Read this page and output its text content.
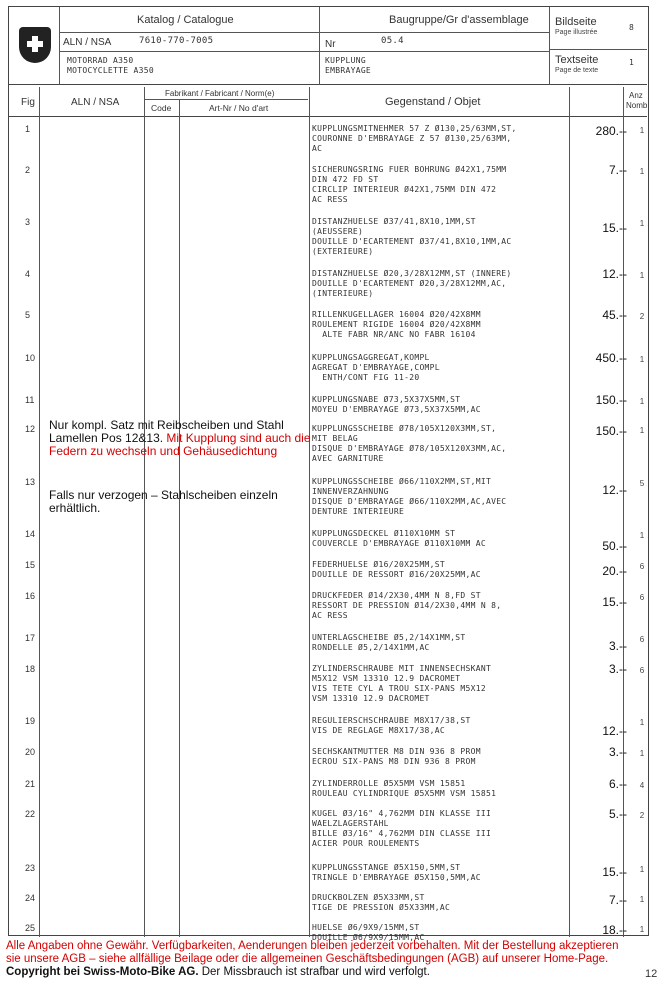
Katalog / Catalogue
ALN / NSA	7610-770-7005
MOTORRAD A350
MOTOCYCLETTE A350
Baugruppe/Gr d'assemblage
Nr	05.4
KUPPLUNG
EMBRAYAGE
Bildseite
Page illustrée
8
Textseite
Page de texte
1
Fig	ALN / NSA
Fabrikant / Fabricant / Norm(e)
Code	Art-Nr / No d'art	Gegenstand / Objet
Anz
Nomb
1	KUPPLUNGSMITNEHMER 57 Z Ø130,25/63MM,ST,
COURONNE D'EMBRAYAGE Z 57 Ø130,25/63MM,
AC
280.--	1
2	SICHERUNGSRING FUER BOHRUNG Ø42X1,75MM
DIN 472 FD ST
CIRCLIP INTERIEUR Ø42X1,75MM DIN 472
AC RESS
7.--	1
3	DISTANZHUELSE Ø37/41,8X10,1MM,ST
(AEUSSERE)
DOUILLE D'ECARTEMENT Ø37/41,8X10,1MM,AC
(EXTERIEURE)
15.--	1
4	DISTANZHUELSE Ø20,3/28X12MM,ST (INNERE)
DOUILLE D'ECARTEMENT Ø20,3/28X12MM,AC,
(INTERIEURE)
12.--	1
5	RILLENKUGELLAGER 16004 Ø20/42X8MM
ROULEMENT RIGIDE 16004 Ø20/42X8MM
ALTE FABR NR/ANC NO FABR 16104
45.--	2
10	KUPPLUNGSAGGREGAT,KOMPL
AGREGAT D'EMBRAYAGE,COMPL
ENTH/CONT FIG 11-20
450.--	1
11	KUPPLUNGSNABE Ø73,5X37X5MM,ST
MOYEU D'EMBRAYAGE Ø73,5X37X5MM,AC
150.--	1
12	KUPPLUNGSSCHEIBE Ø78/105X120X3MM,ST,
MIT BELAG
DISQUE D'EMBRAYAGE Ø78/105X120X3MM,AC,
AVEC GARNITURE
150.--	1
13	KUPPLUNGSSCHEIBE Ø66/110X2MM,ST,MIT
INNENVERZAHNUNG
DISQUE D'EMBRAYAGE Ø66/110X2MM,AC,AVEC
DENTURE INTERIEURE
12.--	5
14	KUPPLUNGSDECKEL Ø110X10MM ST
COUVERCLE D'EMBRAYAGE Ø110X10MM AC	50.--
1
15	FEDERHUELSE Ø16/20X25MM,ST
DOUILLE DE RESSORT Ø16/20X25MM,AC	20.--	6
16	DRUCKFEDER Ø14/2X30,4MM N 8,FD ST
RESSORT DE PRESSION Ø14/2X30,4MM N 8,
AC RESS
15.--	6
17	UNTERLAGSCHEIBE Ø5,2/14X1MM,ST
RONDELLE Ø5,2/14X1MM,AC	3.--	6
18	ZYLINDERSCHRAUBE MIT INNENSECHSKANT
M5X12 VSM 13310 12.9 DACROMET
VIS TETE CYL A TROU SIX-PANS M5X12
VSM 13310 12.9 DACROMET
3.--	6
19	REGULIERSCHSCHRAUBE M8X17/38,ST
VIS DE REGLAGE M8X17/38,AC	12.--
1
20	SECHSKANTMUTTER M8 DIN 936 8 PROM
ECROU SIX-PANS M8 DIN 936 8 PROM
3.--	1
21	ZYLINDERROLLE Ø5X5MM VSM 15851
ROULEAU CYLINDRIQUE Ø5X5MM VSM 15851
6.--	4
22	KUGEL Ø3/16" 4,762MM DIN KLASSE III
WAELZLAGERSTAHL
BILLE Ø3/16" 4,762MM DIN CLASSE III
ACIER POUR ROULEMENTS
5.--	2
23	KUPPLUNGSSTANGE Ø5X150,5MM,ST
TRINGLE D'EMBRAYAGE Ø5X150,5MM,AC	15.--	1
24	DRUCKBOLZEN Ø5X33MM,ST
TIGE DE PRESSION Ø5X33MM,AC
7.--	1
25	HUELSE Ø6/9X9/15MM,ST
DOUILLE Ø6/9X9/15MM,AC
18.--	1
Nur kompl. Satz mit Reibscheiben und Stahl Lamellen Pos 12&13. Mit Kupplung sind auch die Federn zu wechseln und Gehäusedichtung
Falls nur verzogen – Stahlscheiben einzeln erhältlich.
Alle Angaben ohne Gewähr. Verfügbarkeiten, Aenderungen bleiben jederzeit vorbehalten. Mit der Bestellung akzeptieren sie unsere AGB – siehe allfällige Beilage oder die allgemeinen Geschäftsbedingungen (AGB) auf unserer Home-Page. Copyright bei Swiss-Moto-Bike AG. Der Missbrauch ist strafbar und wird verfolgt.	12
